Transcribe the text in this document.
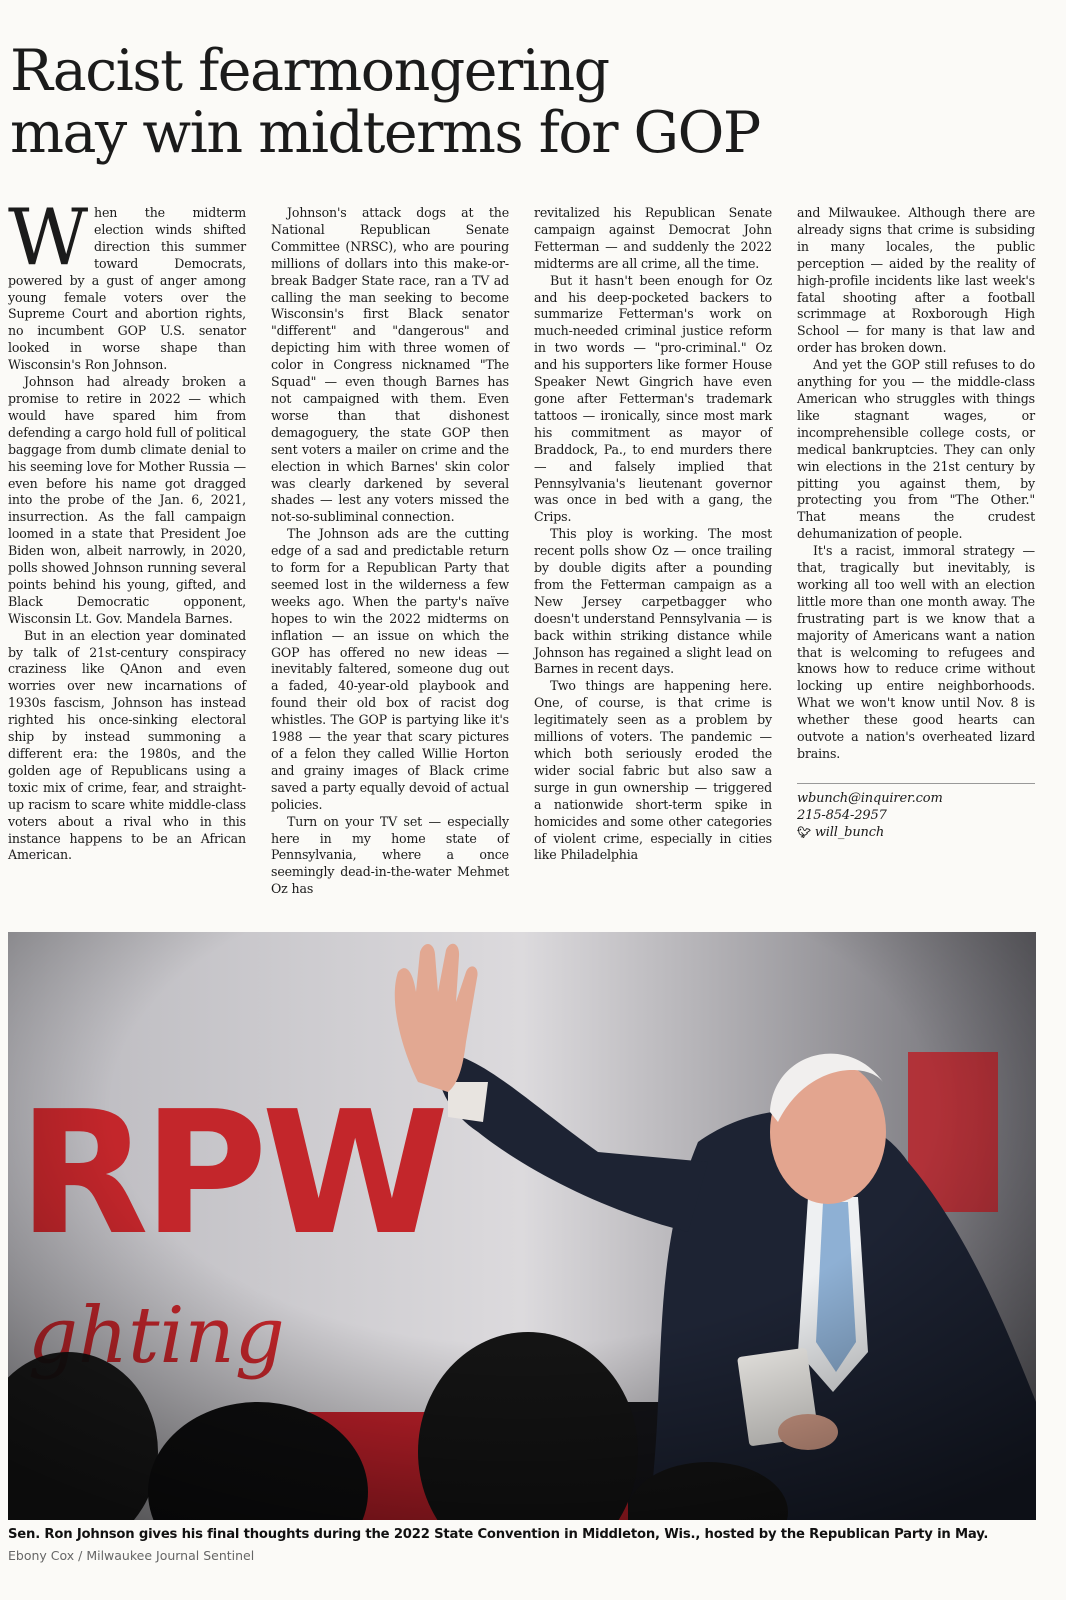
Racist fearmongering
may win midterms for GOP

When the midterm election winds shifted direction this summer toward Democrats, powered by a gust of anger among young female voters over the Supreme Court and abortion rights, no incumbent GOP U.S. senator looked in worse shape than Wisconsin's Ron Johnson.

Johnson had already broken a promise to retire in 2022 — which would have spared him from defending a cargo hold full of political baggage from dumb climate denial to his seeming love for Mother Russia — even before his name got dragged into the probe of the Jan. 6, 2021, insurrection. As the fall campaign loomed in a state that President Joe Biden won, albeit narrowly, in 2020, polls showed Johnson running several points behind his young, gifted, and Black Democratic opponent, Wisconsin Lt. Gov. Mandela Barnes.

But in an election year dominated by talk of 21st-century conspiracy craziness like QAnon and even worries over new incarnations of 1930s fascism, Johnson has instead righted his once-sinking electoral ship by instead summoning a different era: the 1980s, and the golden age of Republicans using a toxic mix of crime, fear, and straight-up racism to scare white middle-class voters about a rival who in this instance happens to be an African American.

Johnson's attack dogs at the National Republican Senate Committee (NRSC), who are pouring millions of dollars into this make-or-break Badger State race, ran a TV ad calling the man seeking to become Wisconsin's first Black senator "different" and "dangerous" and depicting him with three women of color in Congress nicknamed "The Squad" — even though Barnes has not campaigned with them. Even worse than that dishonest demagoguery, the state GOP then sent voters a mailer on crime and the election in which Barnes' skin color was clearly darkened by several shades — lest any voters missed the not-so-subliminal connection.

The Johnson ads are the cutting edge of a sad and predictable return to form for a Republican Party that seemed lost in the wilderness a few weeks ago. When the party's naïve hopes to win the 2022 midterms on inflation — an issue on which the GOP has offered no new ideas — inevitably faltered, someone dug out a faded, 40-year-old playbook and found their old box of racist dog whistles. The GOP is partying like it's 1988 — the year that scary pictures of a felon they called Willie Horton and grainy images of Black crime saved a party equally devoid of actual policies.

Turn on your TV set — especially here in my home state of Pennsylvania, where a once seemingly dead-in-the-water Mehmet Oz has

revitalized his Republican Senate campaign against Democrat John Fetterman — and suddenly the 2022 midterms are all crime, all the time.

But it hasn't been enough for Oz and his deep-pocketed backers to summarize Fetterman's work on much-needed criminal justice reform in two words — "pro-criminal." Oz and his supporters like former House Speaker Newt Gingrich have even gone after Fetterman's trademark tattoos — ironically, since most mark his commitment as mayor of Braddock, Pa., to end murders there — and falsely implied that Pennsylvania's lieutenant governor was once in bed with a gang, the Crips.

This ploy is working. The most recent polls show Oz — once trailing by double digits after a pounding from the Fetterman campaign as a New Jersey carpetbagger who doesn't understand Pennsylvania — is back within striking distance while Johnson has regained a slight lead on Barnes in recent days.

Two things are happening here. One, of course, is that crime is legitimately seen as a problem by millions of voters. The pandemic — which both seriously eroded the wider social fabric but also saw a surge in gun ownership — triggered a nationwide short-term spike in homicides and some other categories of violent crime, especially in cities like Philadelphia

and Milwaukee. Although there are already signs that crime is subsiding in many locales, the public perception — aided by the reality of high-profile incidents like last week's fatal shooting after a football scrimmage at Roxborough High School — for many is that law and order has broken down.

And yet the GOP still refuses to do anything for you — the middle-class American who struggles with things like stagnant wages, or incomprehensible college costs, or medical bankruptcies. They can only win elections in the 21st century by pitting you against them, by protecting you from "The Other." That means the crudest dehumanization of people.

It's a racist, immoral strategy — that, tragically but inevitably, is working all too well with an election little more than one month away. The frustrating part is we know that a majority of Americans want a nation that is welcoming to refugees and knows how to reduce crime without locking up entire neighborhoods. What we won't know until Nov. 8 is whether these good hearts can outvote a nation's overheated lizard brains.

wbunch@inquirer.com
215-854-2957
🐦︎ will_bunch
Sen. Ron Johnson gives his final thoughts during the 2022 State Convention in Middleton, Wis., hosted by the Republican Party in May.
Ebony Cox / Milwaukee Journal Sentinel
